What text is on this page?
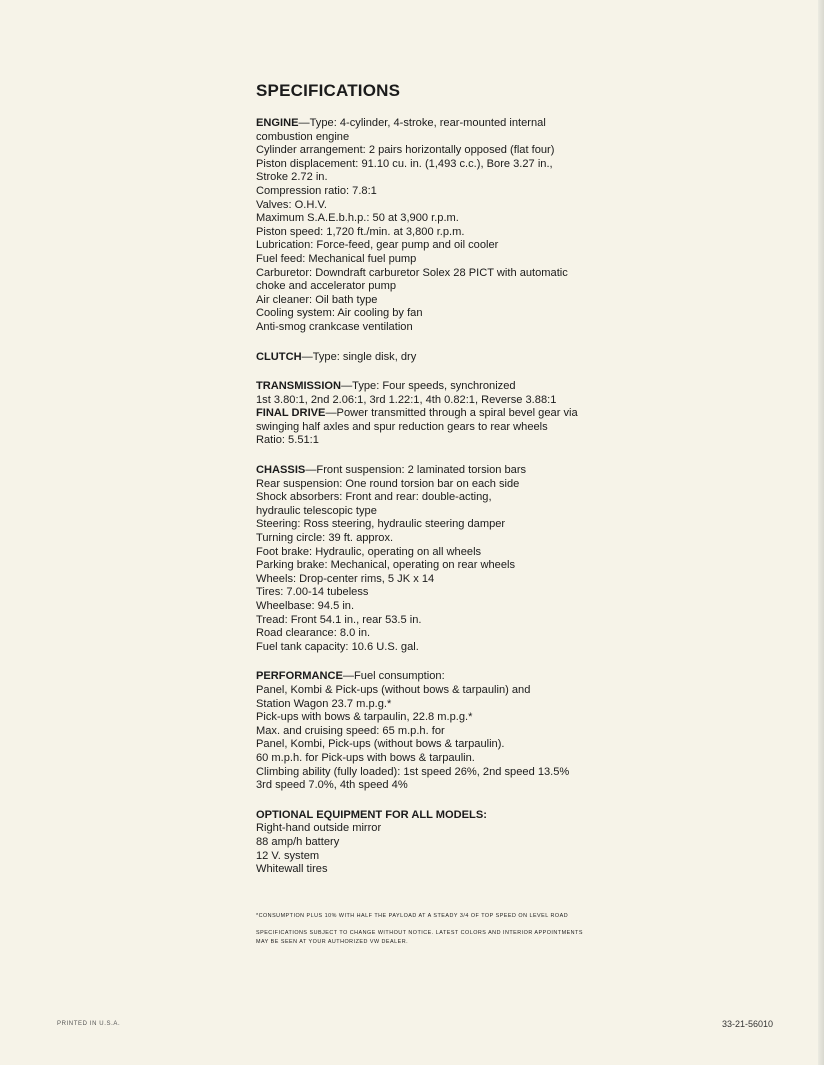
SPECIFICATIONS
ENGINE—Type: 4-cylinder, 4-stroke, rear-mounted internal
combustion engine
Cylinder arrangement: 2 pairs horizontally opposed (flat four)
Piston displacement: 91.10 cu. in. (1,493 c.c.), Bore 3.27 in.,
Stroke 2.72 in.
Compression ratio: 7.8:1
Valves: O.H.V.
Maximum S.A.E.b.h.p.: 50 at 3,900 r.p.m.
Piston speed: 1,720 ft./min. at 3,800 r.p.m.
Lubrication: Force-feed, gear pump and oil cooler
Fuel feed: Mechanical fuel pump
Carburetor: Downdraft carburetor Solex 28 PICT with automatic
choke and accelerator pump
Air cleaner: Oil bath type
Cooling system: Air cooling by fan
Anti-smog crankcase ventilation
CLUTCH—Type: single disk, dry
TRANSMISSION—Type: Four speeds, synchronized
1st 3.80:1, 2nd 2.06:1, 3rd 1.22:1, 4th 0.82:1, Reverse 3.88:1
FINAL DRIVE—Power transmitted through a spiral bevel gear via
swinging half axles and spur reduction gears to rear wheels
Ratio: 5.51:1
CHASSIS—Front suspension: 2 laminated torsion bars
Rear suspension: One round torsion bar on each side
Shock absorbers: Front and rear: double-acting,
hydraulic telescopic type
Steering: Ross steering, hydraulic steering damper
Turning circle: 39 ft. approx.
Foot brake: Hydraulic, operating on all wheels
Parking brake: Mechanical, operating on rear wheels
Wheels: Drop-center rims, 5 JK x 14
Tires: 7.00-14 tubeless
Wheelbase: 94.5 in.
Tread: Front 54.1 in., rear 53.5 in.
Road clearance: 8.0 in.
Fuel tank capacity: 10.6 U.S. gal.
PERFORMANCE—Fuel consumption:
Panel, Kombi & Pick-ups (without bows & tarpaulin) and
Station Wagon 23.7 m.p.g.*
Pick-ups with bows & tarpaulin, 22.8 m.p.g.*
Max. and cruising speed: 65 m.p.h. for
Panel, Kombi, Pick-ups (without bows & tarpaulin).
60 m.p.h. for Pick-ups with bows & tarpaulin.
Climbing ability (fully loaded): 1st speed 26%, 2nd speed 13.5%
3rd speed 7.0%, 4th speed 4%
OPTIONAL EQUIPMENT FOR ALL MODELS:
Right-hand outside mirror
88 amp/h battery
12 V. system
Whitewall tires
*CONSUMPTION PLUS 10% WITH HALF THE PAYLOAD AT A STEADY 3/4 OF TOP SPEED ON LEVEL ROAD
SPECIFICATIONS SUBJECT TO CHANGE WITHOUT NOTICE. LATEST COLORS AND INTERIOR APPOINTMENTS
MAY BE SEEN AT YOUR AUTHORIZED VW DEALER.
PRINTED IN U.S.A.	33-21-56010
